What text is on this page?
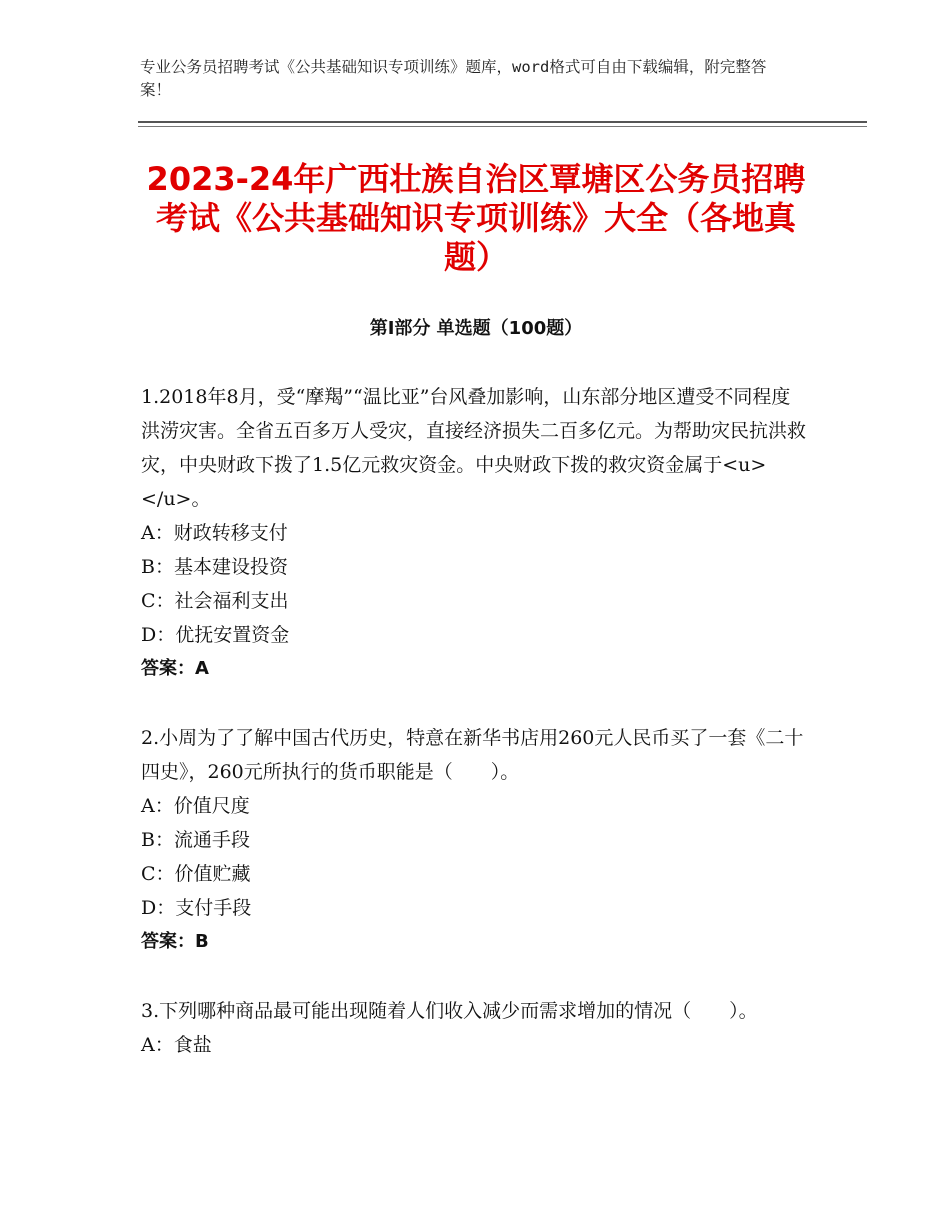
专业公务员招聘考试《公共基础知识专项训练》题库，word格式可自由下载编辑，附完整答案！
2023-24年广西壮族自治区覃塘区公务员招聘考试《公共基础知识专项训练》大全（各地真题）
第I部分 单选题（100题）

1.2018年8月，受“摩羯”“温比亚”台风叠加影响，山东部分地区遭受不同程度洪涝灾害。全省五百多万人受灾，直接经济损失二百多亿元。为帮助灾民抗洪救灾，中央财政下拨了1.5亿元救灾资金。中央财政下拨的救灾资金属于<u>　　</u>。

A：财政转移支付
B：基本建设投资
C：社会福利支出
D：优抚安置资金
答案：A

2.小周为了了解中国古代历史，特意在新华书店用260元人民币买了一套《二十四史》，260元所执行的货币职能是（　　）。

A：价值尺度
B：流通手段
C：价值贮藏
D：支付手段
答案：B

3.下列哪种商品最可能出现随着人们收入减少而需求增加的情况（　　）。

A：食盐
